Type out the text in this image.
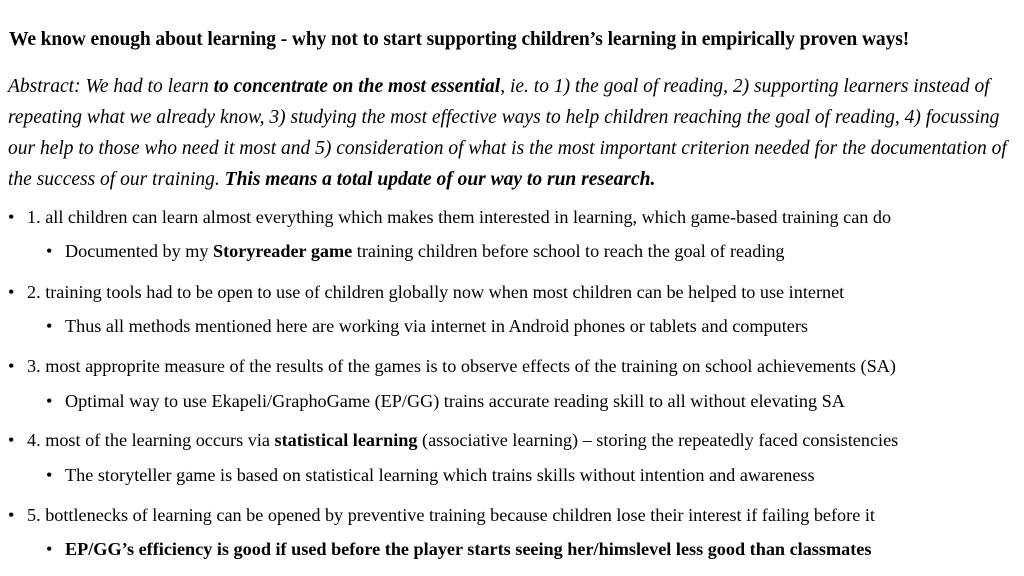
We know enough about learning - why not to start supporting children’s learning in empirically proven ways!
Abstract: We had to learn to concentrate on the most essential, ie. to 1) the goal of reading, 2) supporting learners instead of repeating what we already know, 3) studying the most effective ways to help children reaching the goal of reading, 4) focussing our help to those who need it most and 5) consideration of what is the most important criterion needed for the documentation of the success of our training. This means a total update of our way to run research.
• 1. all children can learn almost everything which makes them interested in learning, which game-based training can do
• Documented by my Storyreader game training children before school to reach the goal of reading
• 2. training tools had to be open to use of children globally now when most children can be helped to use internet
• Thus all methods mentioned here are working via internet in Android phones or tablets and computers
• 3. most approprite measure of the results of the games is to observe effects of the training on school achievements (SA)
• Optimal way to use Ekapeli/GraphoGame (EP/GG) trains accurate reading skill to all without elevating SA
• 4. most of the learning occurs via statistical learning (associative learning) – storing the repeatedly faced consistencies
• The storyteller game is based on statistical learning which trains skills without intention and awareness
• 5. bottlenecks of learning can be opened by preventive training because children lose their interest if failing before it
• EP/GG’s efficiency is good if used before the player starts seeing her/himslevel less good than classmates
